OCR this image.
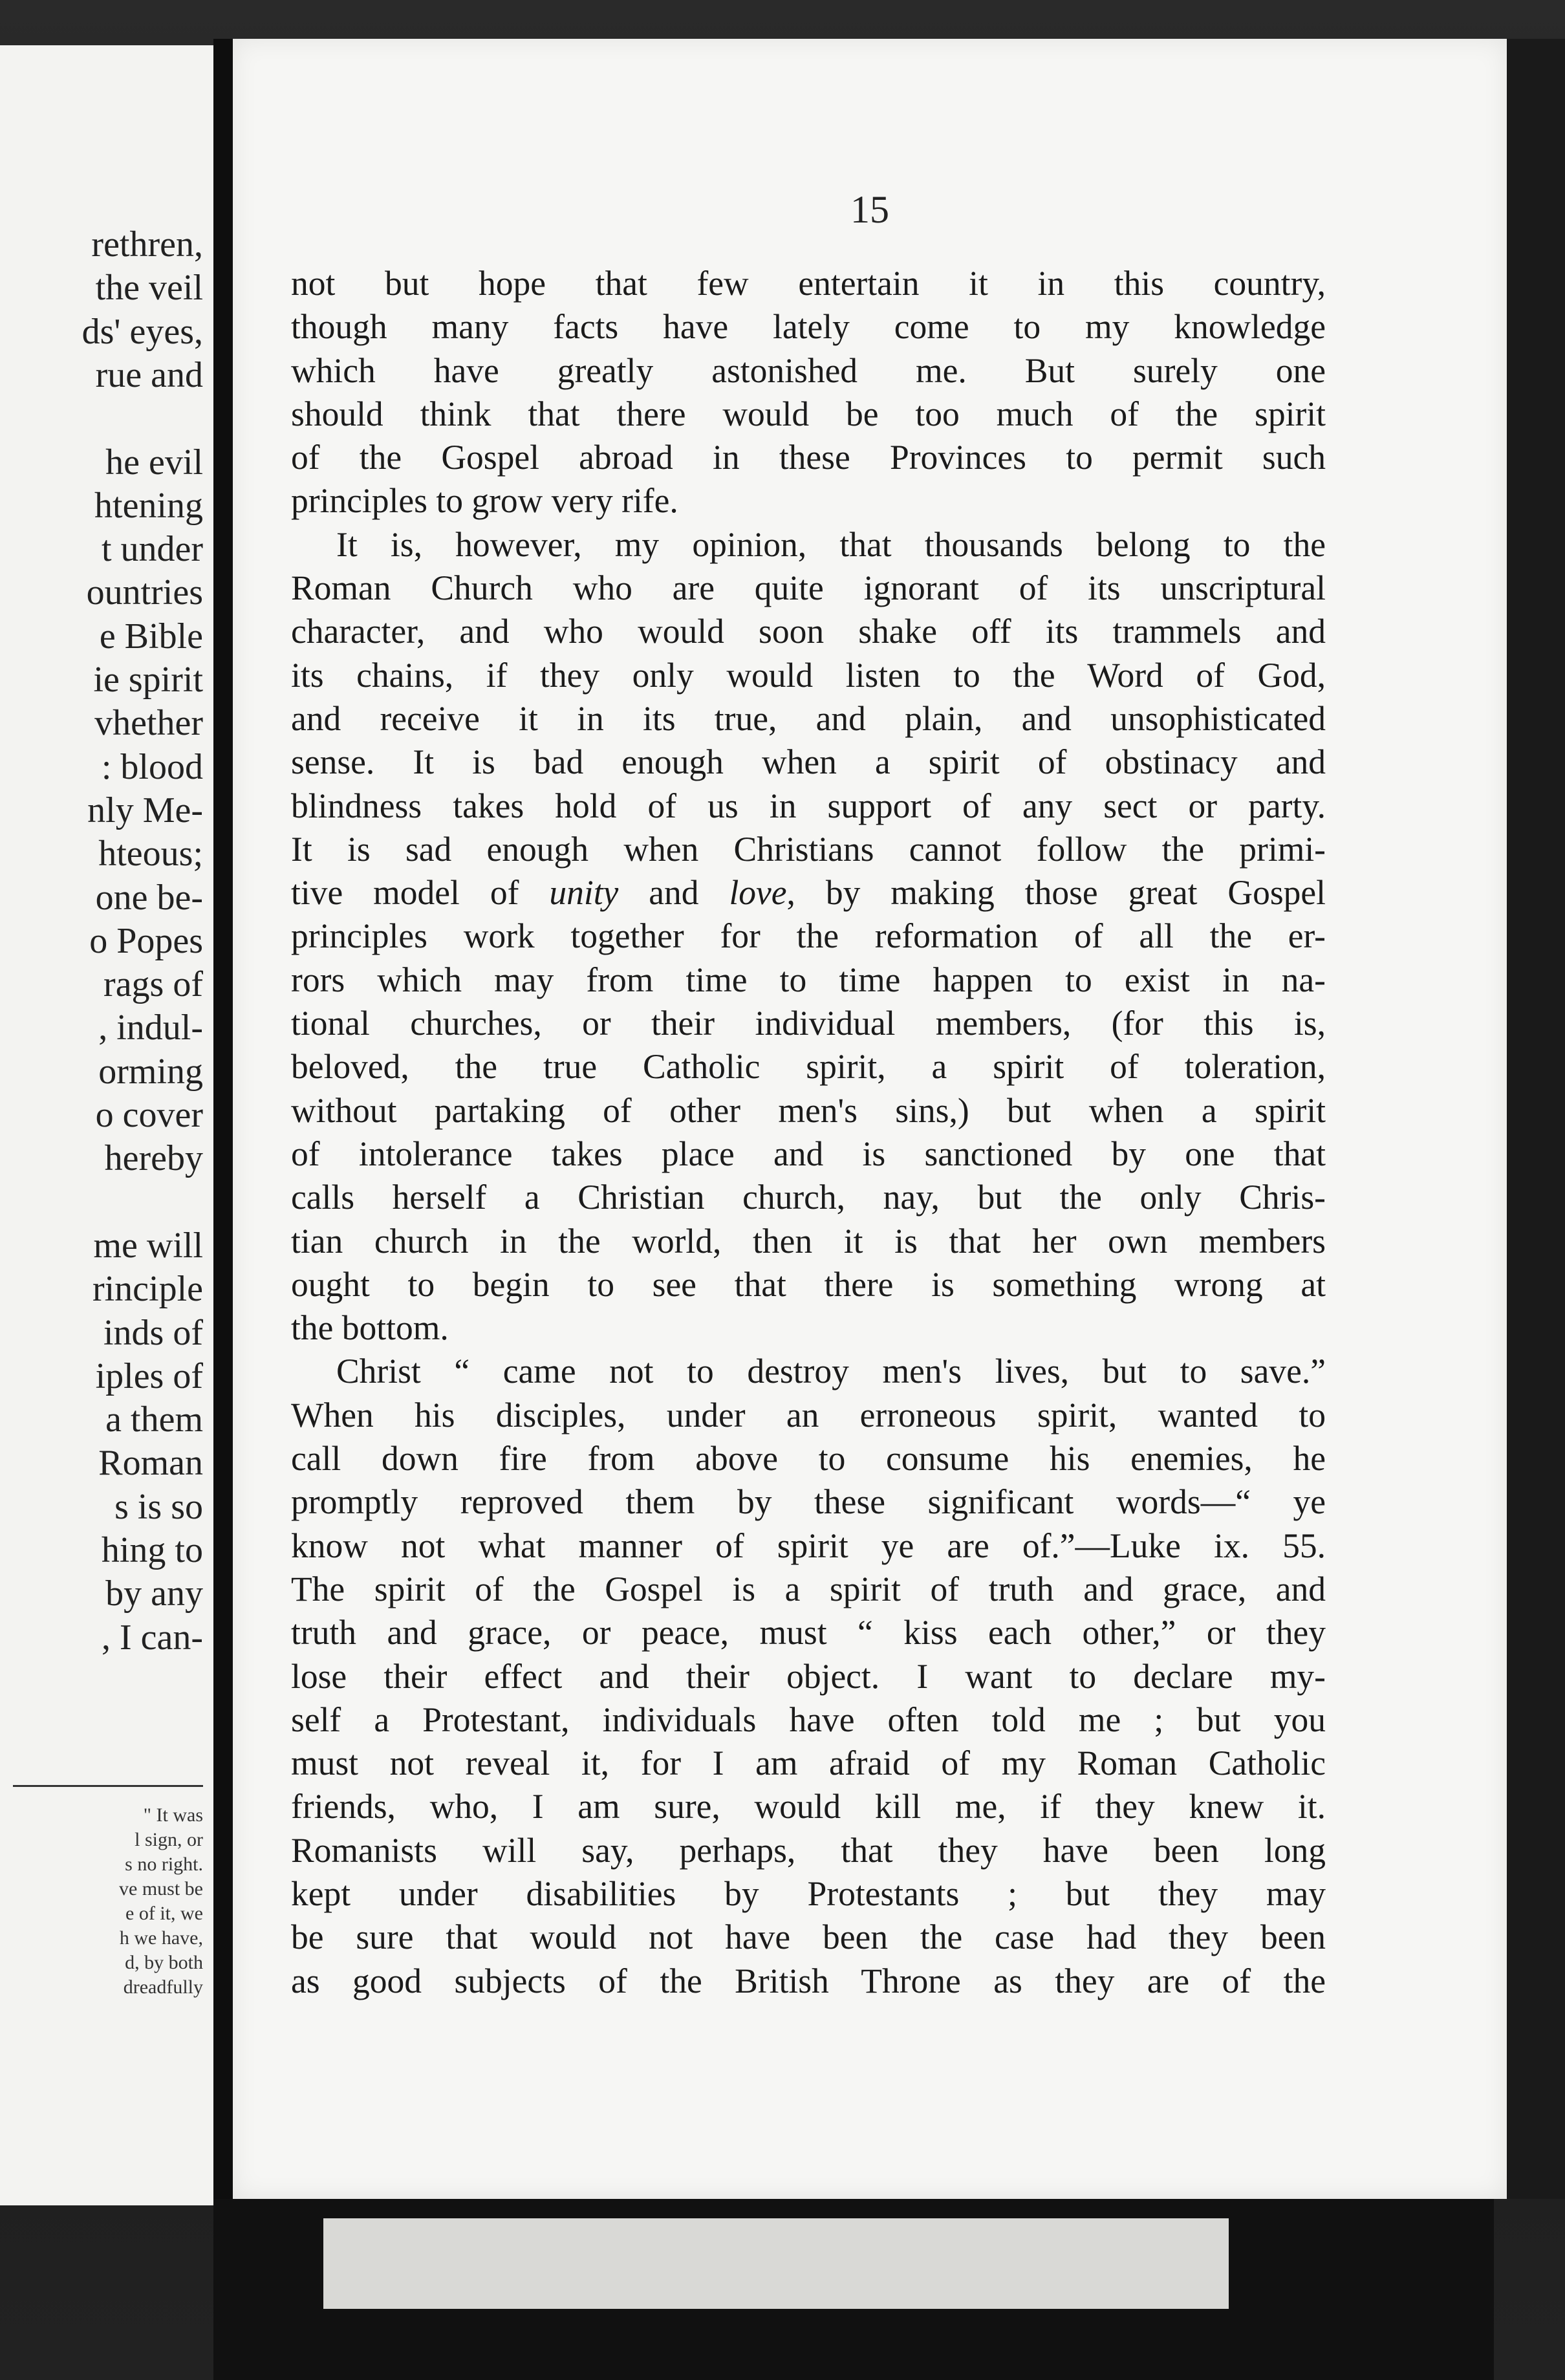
rethren,
the veil
ds' eyes,
rue and
he evil
htening
t under
ountries
e Bible
ie spirit
vhether
: blood
nly Me-
hteous;
one be-
o Popes
rags of
, indul-
orming
o cover
hereby
me will
rinciple
inds of
iples of
a them
Roman
s is so
hing to
by any
, I can-
" It was
l sign, or
s no right.
ve must be
e of it, we
h we have,
d, by both
dreadfully
15
not but hope that few entertain it in this country,
though many facts have lately come to my knowledge
which have greatly astonished me. But surely one
should think that there would be too much of the spirit
of the Gospel abroad in these Provinces to permit such
principles to grow very rife.
It is, however, my opinion, that thousands belong to the
Roman Church who are quite ignorant of its unscriptural
character, and who would soon shake off its trammels and
its chains, if they only would listen to the Word of God,
and receive it in its true, and plain, and unsophisticated
sense. It is bad enough when a spirit of obstinacy and
blindness takes hold of us in support of any sect or party.
It is sad enough when Christians cannot follow the primi-
tive model of unity and love, by making those great Gospel
principles work together for the reformation of all the er-
rors which may from time to time happen to exist in na-
tional churches, or their individual members, (for this is,
beloved, the true Catholic spirit, a spirit of toleration,
without partaking of other men's sins,) but when a spirit
of intolerance takes place and is sanctioned by one that
calls herself a Christian church, nay, but the only Chris-
tian church in the world, then it is that her own members
ought to begin to see that there is something wrong at
the bottom.
Christ “ came not to destroy men's lives, but to save.”
When his disciples, under an erroneous spirit, wanted to
call down fire from above to consume his enemies, he
promptly reproved them by these significant words—“ ye
know not what manner of spirit ye are of.”—Luke ix. 55.
The spirit of the Gospel is a spirit of truth and grace, and
truth and grace, or peace, must “ kiss each other,” or they
lose their effect and their object. I want to declare my-
self a Protestant, individuals have often told me ; but you
must not reveal it, for I am afraid of my Roman Catholic
friends, who, I am sure, would kill me, if they knew it.
Romanists will say, perhaps, that they have been long
kept under disabilities by Protestants ; but they may
be sure that would not have been the case had they been
as good subjects of the British Throne as they are of the
